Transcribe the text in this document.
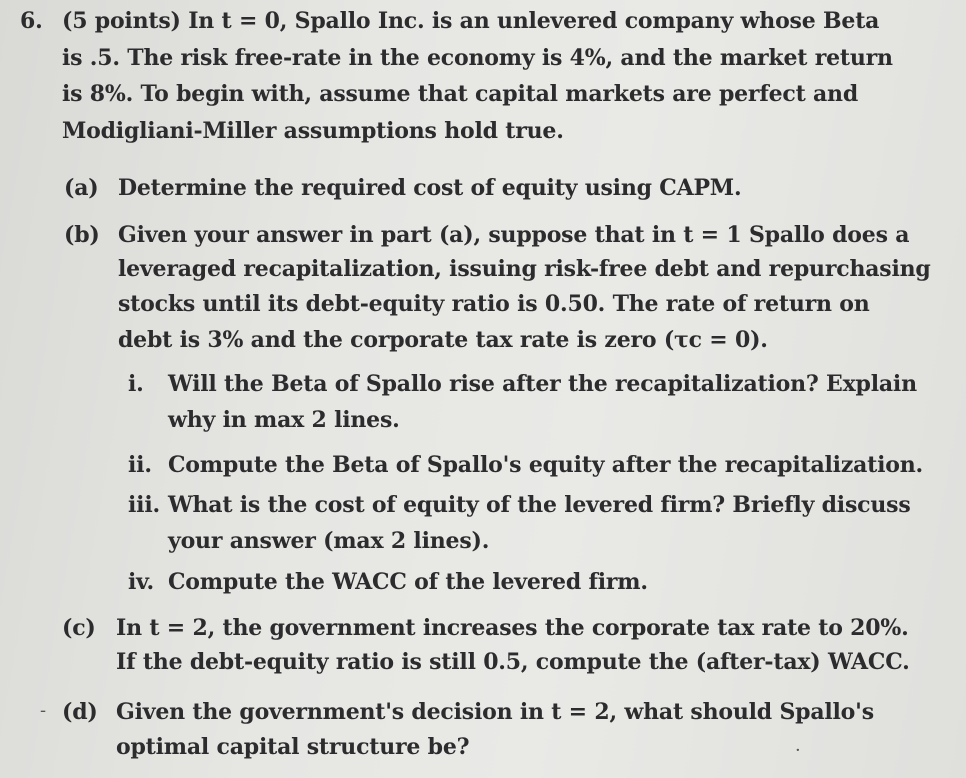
6. (5 points) In t = 0, Spallo Inc. is an unlevered company whose Beta
is .5. The risk free-rate in the economy is 4%, and the market return
is 8%. To begin with, assume that capital markets are perfect and
Modigliani-Miller assumptions hold true.
(a) Determine the required cost of equity using CAPM.
(b) Given your answer in part (a), suppose that in t = 1 Spallo does a
leveraged recapitalization, issuing risk-free debt and repurchasing
stocks until its debt-equity ratio is 0.50. The rate of return on
debt is 3% and the corporate tax rate is zero (τc = 0).
i. Will the Beta of Spallo rise after the recapitalization? Explain
why in max 2 lines.
ii. Compute the Beta of Spallo's equity after the recapitalization.
iii. What is the cost of equity of the levered firm? Briefly discuss
your answer (max 2 lines).
iv. Compute the WACC of the levered firm.
(c) In t = 2, the government increases the corporate tax rate to 20%.
If the debt-equity ratio is still 0.5, compute the (after-tax) WACC.
(d) Given the government's decision in t = 2, what should Spallo's
optimal capital structure be?
-
·
